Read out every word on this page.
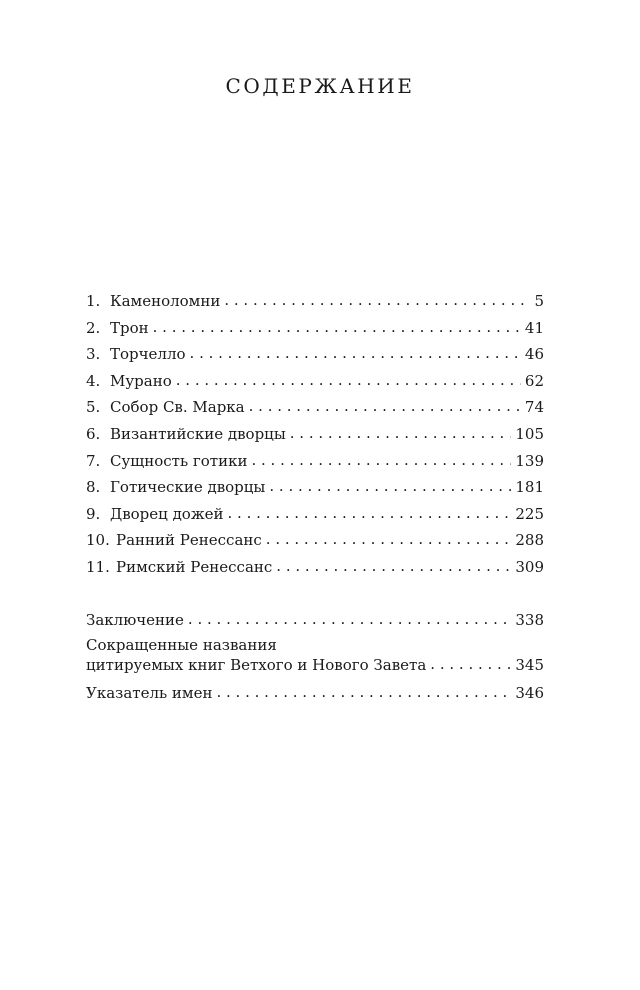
СОДЕРЖАНИЕ
1. Каменоломни . . .	5
2. Трон . . .	41
3. Торчелло . . .	46
4. Мурано . . .	62
5. Собор Св. Марка . . .	74
6. Византийские дворцы . . .	105
7. Сущность готики . . .	139
8. Готические дворцы . . .	181
9. Дворец дожей . . .	225
10. Ранний Ренессанс . . .	288
11. Римский Ренессанс . . .	309
Заключение . . .	338
Сокращенные названия
цитируемых книг Ветхого и Нового Завета . . .	345
Указатель имен . . .	346
